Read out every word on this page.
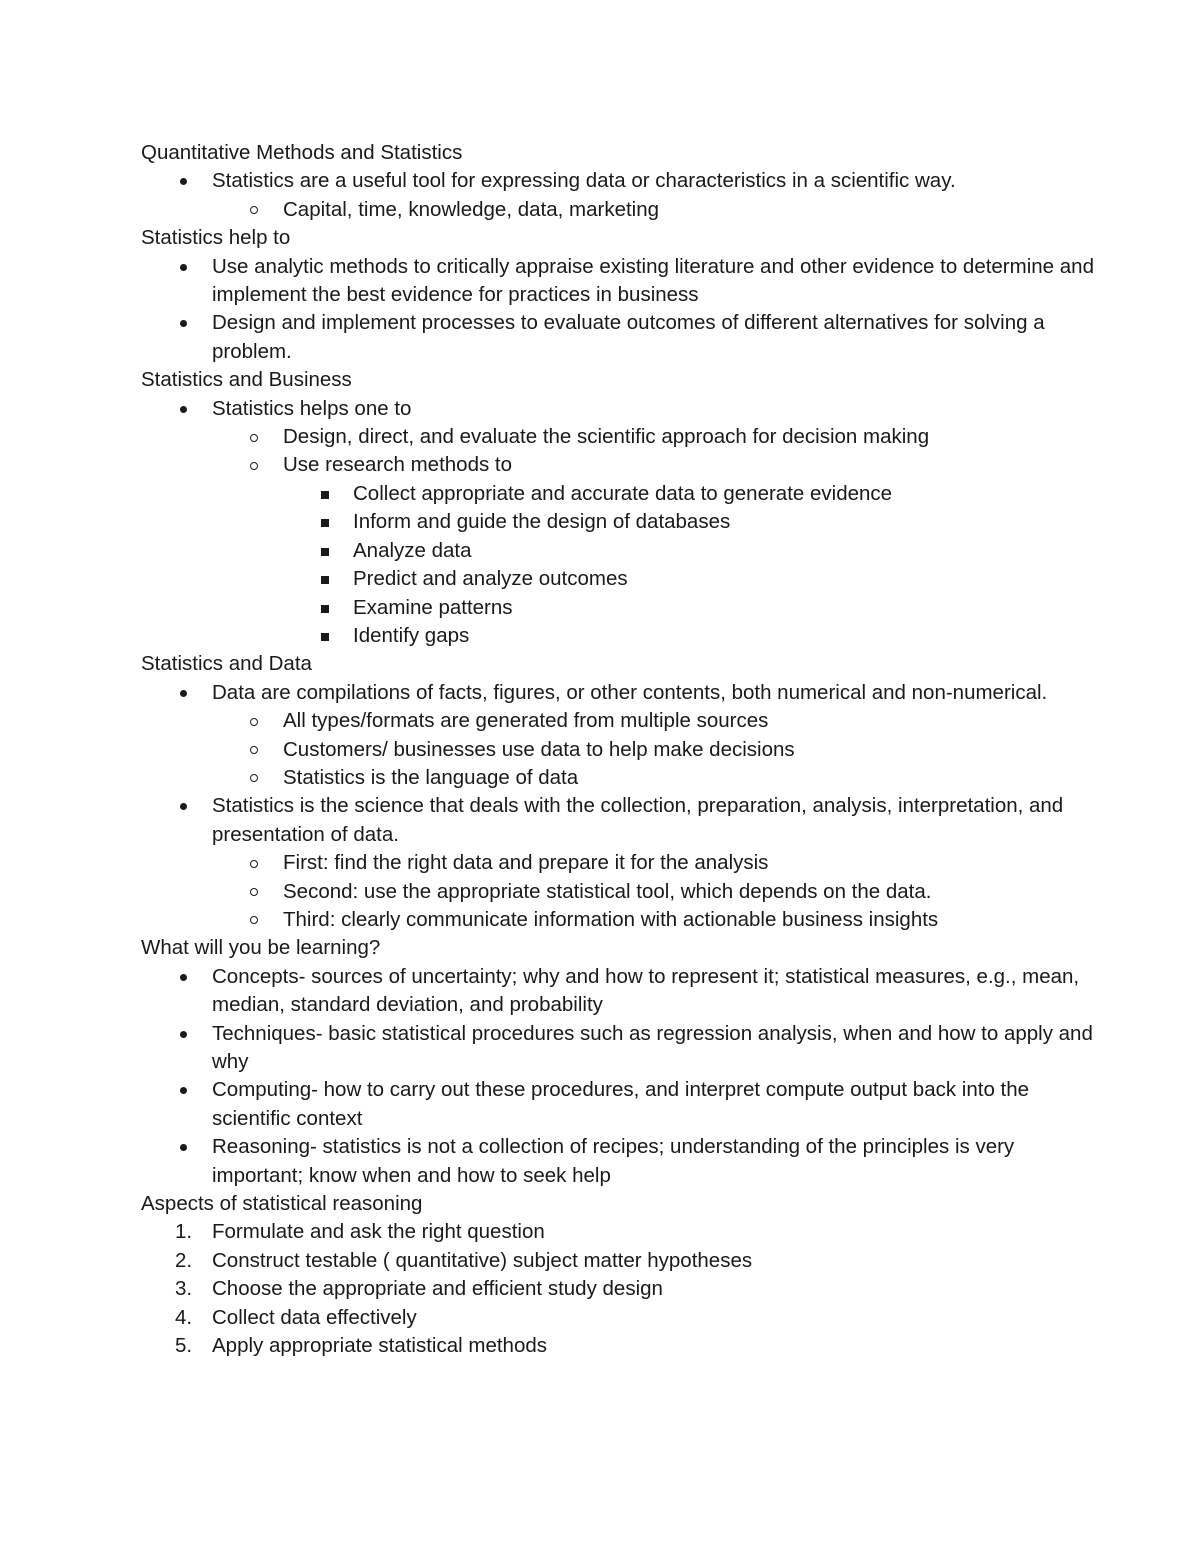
Quantitative Methods and Statistics

Statistics are a useful tool for expressing data or characteristics in a scientific way.
Capital, time, knowledge, data, marketing

Statistics help to

Use analytic methods to critically appraise existing literature and other evidence to determine and implement the best evidence for practices in business
Design and implement processes to evaluate outcomes of different alternatives for solving a problem.

Statistics and Business

Statistics helps one to
Design, direct, and evaluate the scientific approach for decision making
Use research methods to
Collect appropriate and accurate data to generate evidence
Inform and guide the design of databases
Analyze data
Predict and analyze outcomes
Examine patterns
Identify gaps

Statistics and Data

Data are compilations of facts, figures, or other contents, both numerical and non-numerical.
All types/formats are generated from multiple sources
Customers/ businesses use data to help make decisions
Statistics is the language of data
Statistics is the science that deals with the collection, preparation, analysis, interpretation, and presentation of data.
First: find the right data and prepare it for the analysis
Second: use the appropriate statistical tool, which depends on the data.
Third: clearly communicate information with actionable business insights

What will you be learning?

Concepts- sources of uncertainty; why and how to represent it; statistical measures, e.g., mean, median, standard deviation, and probability
Techniques- basic statistical procedures such as regression analysis, when and how to apply and why
Computing- how to carry out these procedures, and interpret compute output back into the scientific context
Reasoning- statistics is not a collection of recipes; understanding of the principles is very important; know when and how to seek help

Aspects of statistical reasoning

1. Formulate and ask the right question
2. Construct testable ( quantitative) subject matter hypotheses
3. Choose the appropriate and efficient study design
4. Collect data effectively
5. Apply appropriate statistical methods
